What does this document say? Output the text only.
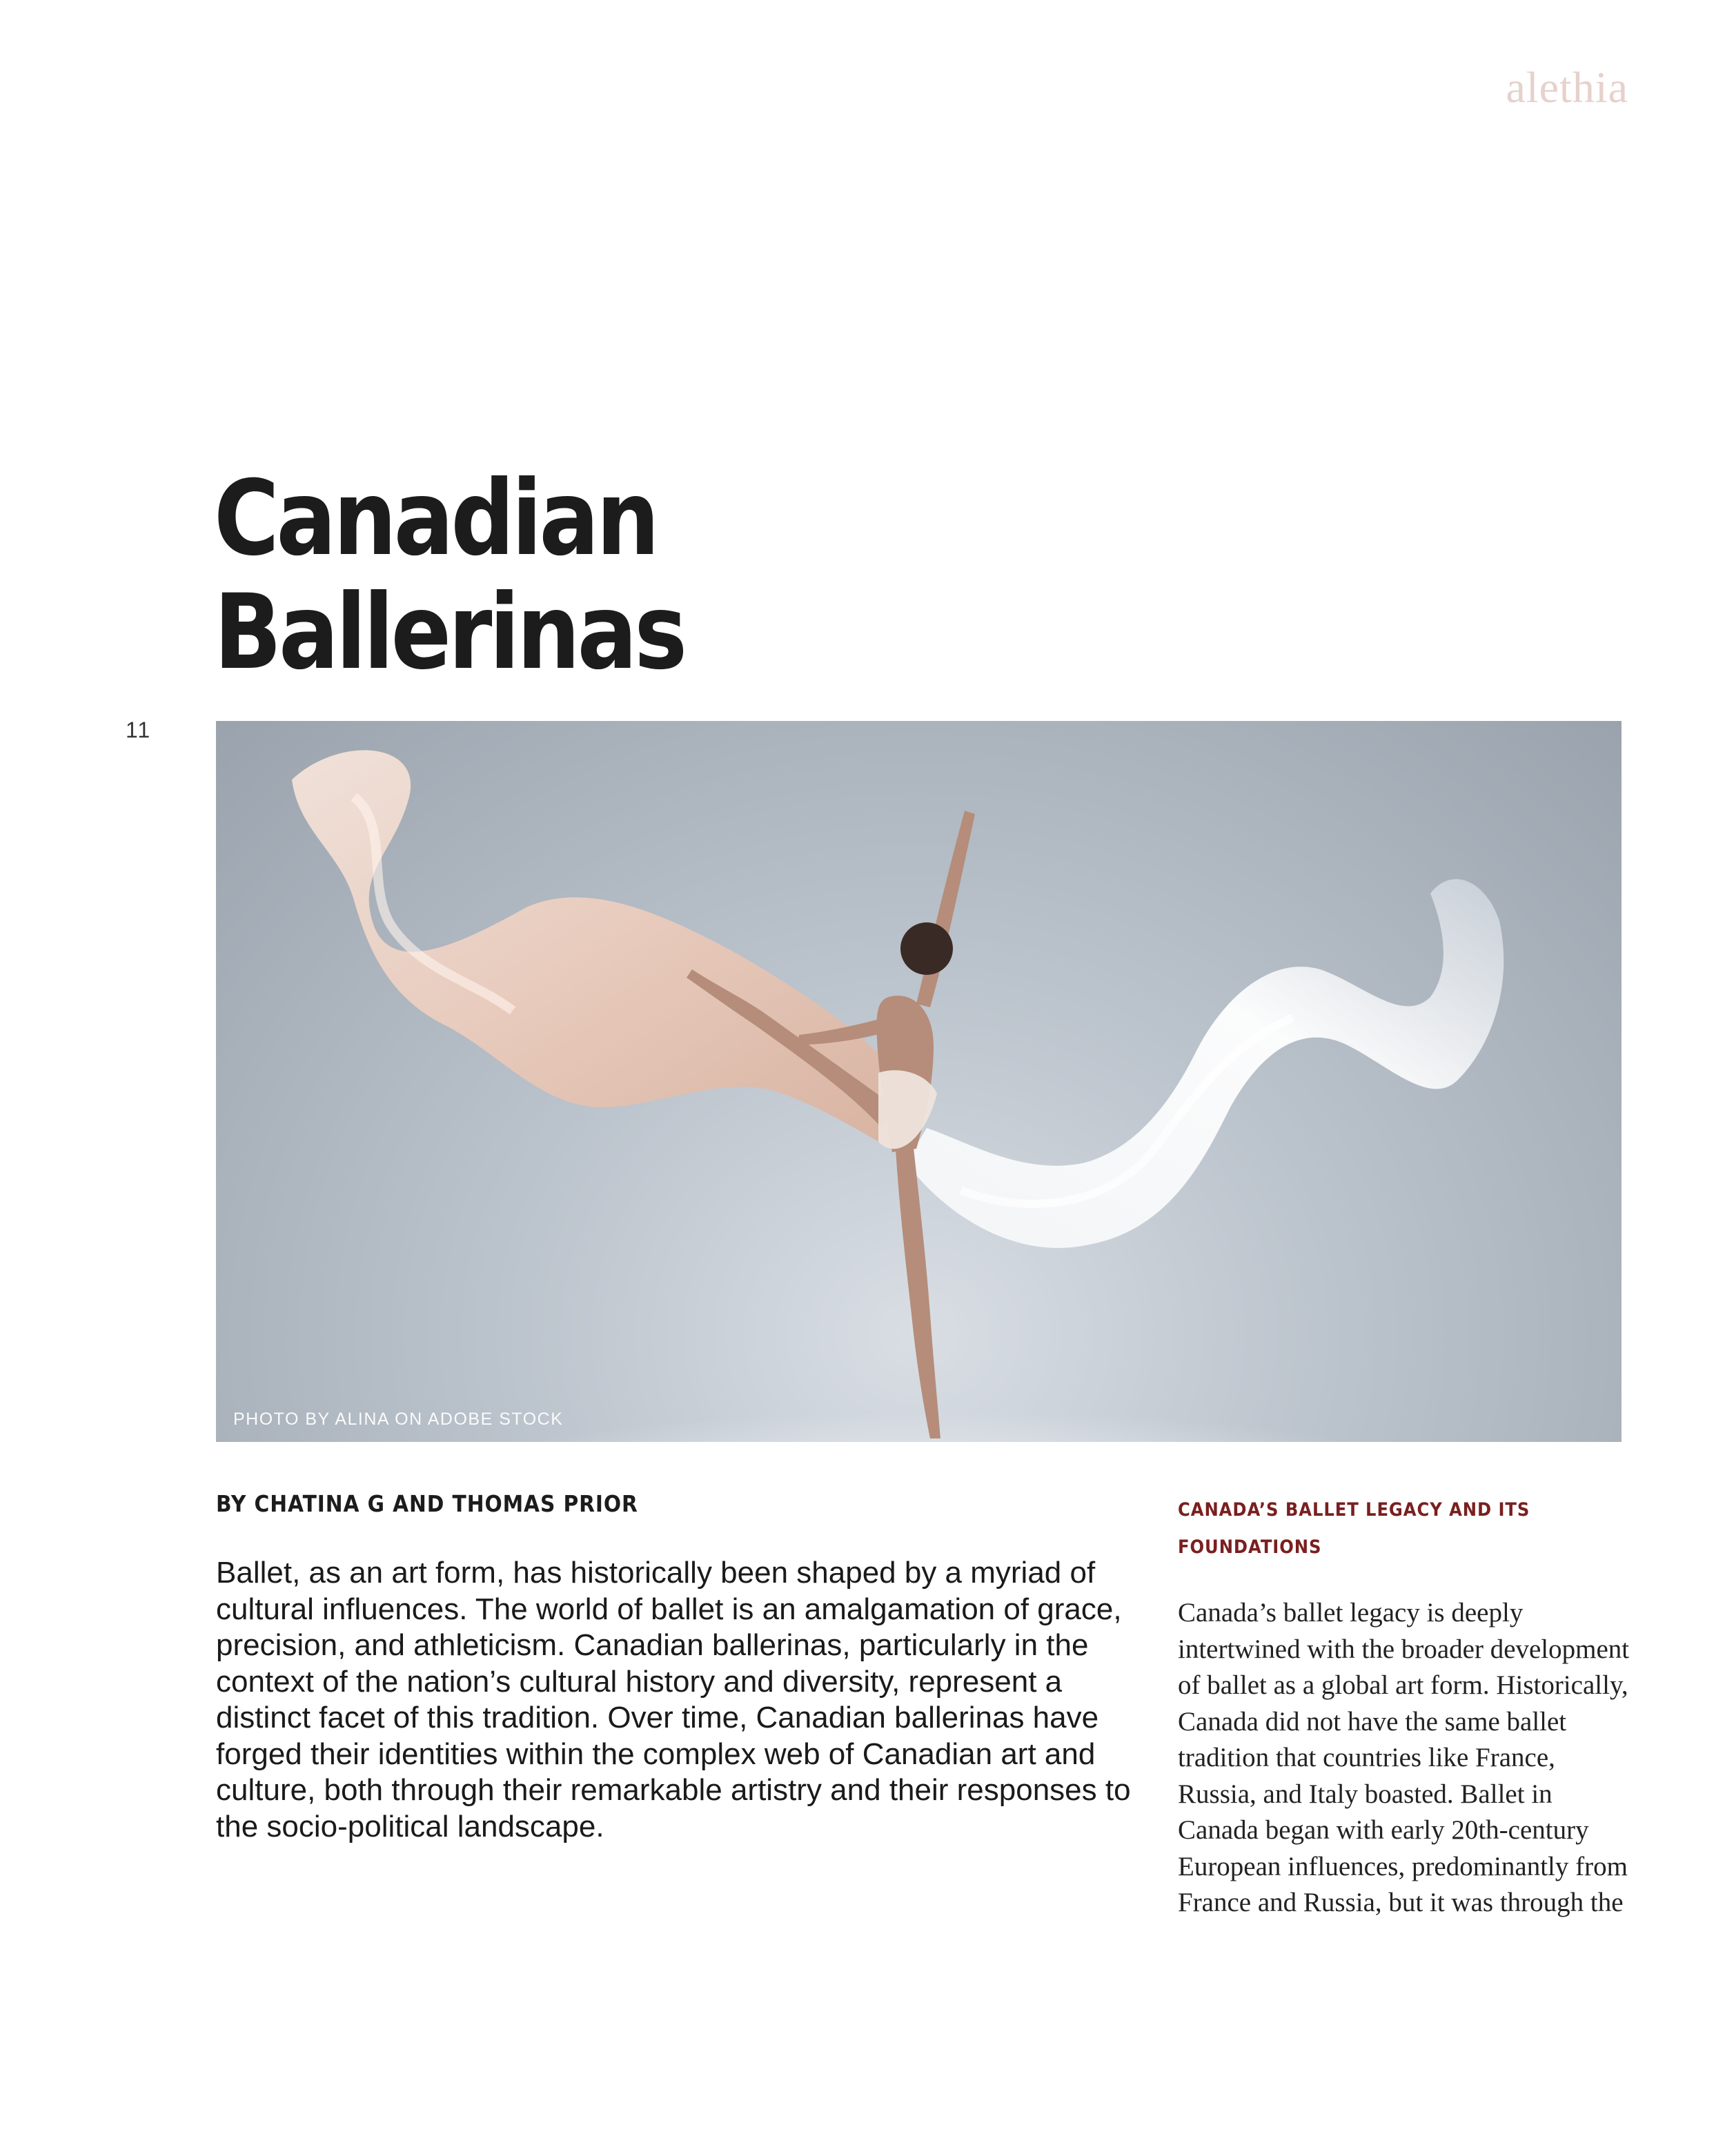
alethia
11
Canadian
Ballerinas
PHOTO BY ALINA ON ADOBE STOCK
BY CHATINA G AND THOMAS PRIOR

Ballet, as an art form, has historically been shaped by a myriad of cultural influences. The world of ballet is an amalgamation of grace, precision, and athleticism. Canadian ballerinas, particularly in the context of the nation’s cultural history and diversity, represent a distinct facet of this tradition. Over time, Canadian ballerinas have forged their identities within the complex web of Canadian art and culture, both through their remarkable artistry and their responses to the socio-political landscape.

CANADA’S BALLET LEGACY AND ITS FOUNDATIONS

Canada’s ballet legacy is deeply intertwined with the broader development of ballet as a global art form. Historically, Canada did not have the same ballet tradition that countries like France, Russia, and Italy boasted. Ballet in Canada began with early 20th-century European influences, predominantly from France and Russia, but it was through the
